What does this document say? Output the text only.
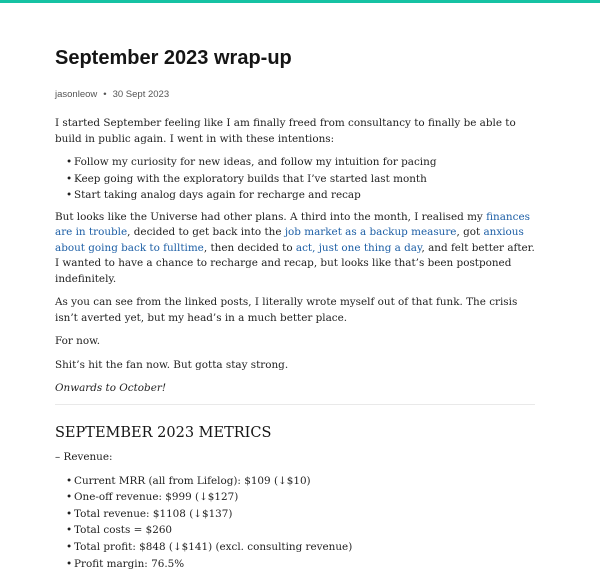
September 2023 wrap-up
jasonleow • 30 Sept 2023

I started September feeling like I am finally freed from consultancy to finally be able to build in public again. I went in with these intentions:

• Follow my curiosity for new ideas, and follow my intuition for pacing
• Keep going with the exploratory builds that I’ve started last month
• Start taking analog days again for recharge and recap

But looks like the Universe had other plans. A third into the month, I realised my finances are in trouble, decided to get back into the job market as a backup measure, got anxious about going back to fulltime, then decided to act, just one thing a day, and felt better after. I wanted to have a chance to recharge and recap, but looks like that’s been postponed indefinitely.

As you can see from the linked posts, I literally wrote myself out of that funk. The crisis isn’t averted yet, but my head’s in a much better place.

For now.

Shit’s hit the fan now. But gotta stay strong.

Onwards to October!

SEPTEMBER 2023 METRICS
– Revenue:
• Current MRR (all from Lifelog): $109 (↓$10)
• One-off revenue: $999 (↓$127)
• Total revenue: $1108 (↓$137)
• Total costs = $260
• Total profit: $848 (↓$141) (excl. consulting revenue)
• Profit margin: 76.5%
